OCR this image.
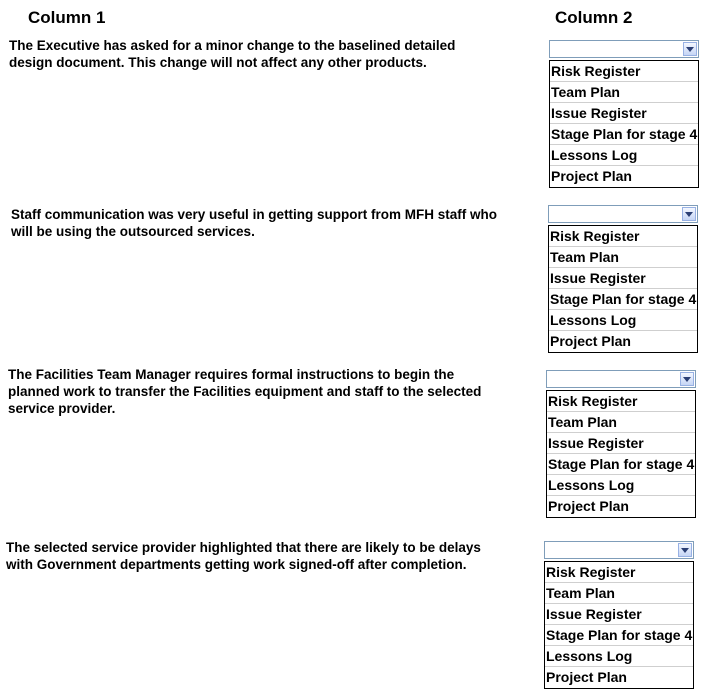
Column 1	Column 2
The Executive has asked for a minor change to the baselined detailed design document. This change will not affect any other products.
Risk Register
Team Plan
Issue Register
Stage Plan for stage 4
Lessons Log
Project Plan
Staff communication was very useful in getting support from MFH staff who will be using the outsourced services.	Risk Register
Team Plan
Issue Register
Stage Plan for stage 4
Lessons Log
Project Plan
The Facilities Team Manager requires formal instructions to begin the planned work to transfer the Facilities equipment and staff to the selected service provider.	Risk Register
Team Plan
Issue Register
Stage Plan for stage 4
Lessons Log
Project Plan
The selected service provider highlighted that there are likely to be delays with Government departments getting work signed-off after completion.	Risk Register
Team Plan
Issue Register
Stage Plan for stage 4
Lessons Log
Project Plan
